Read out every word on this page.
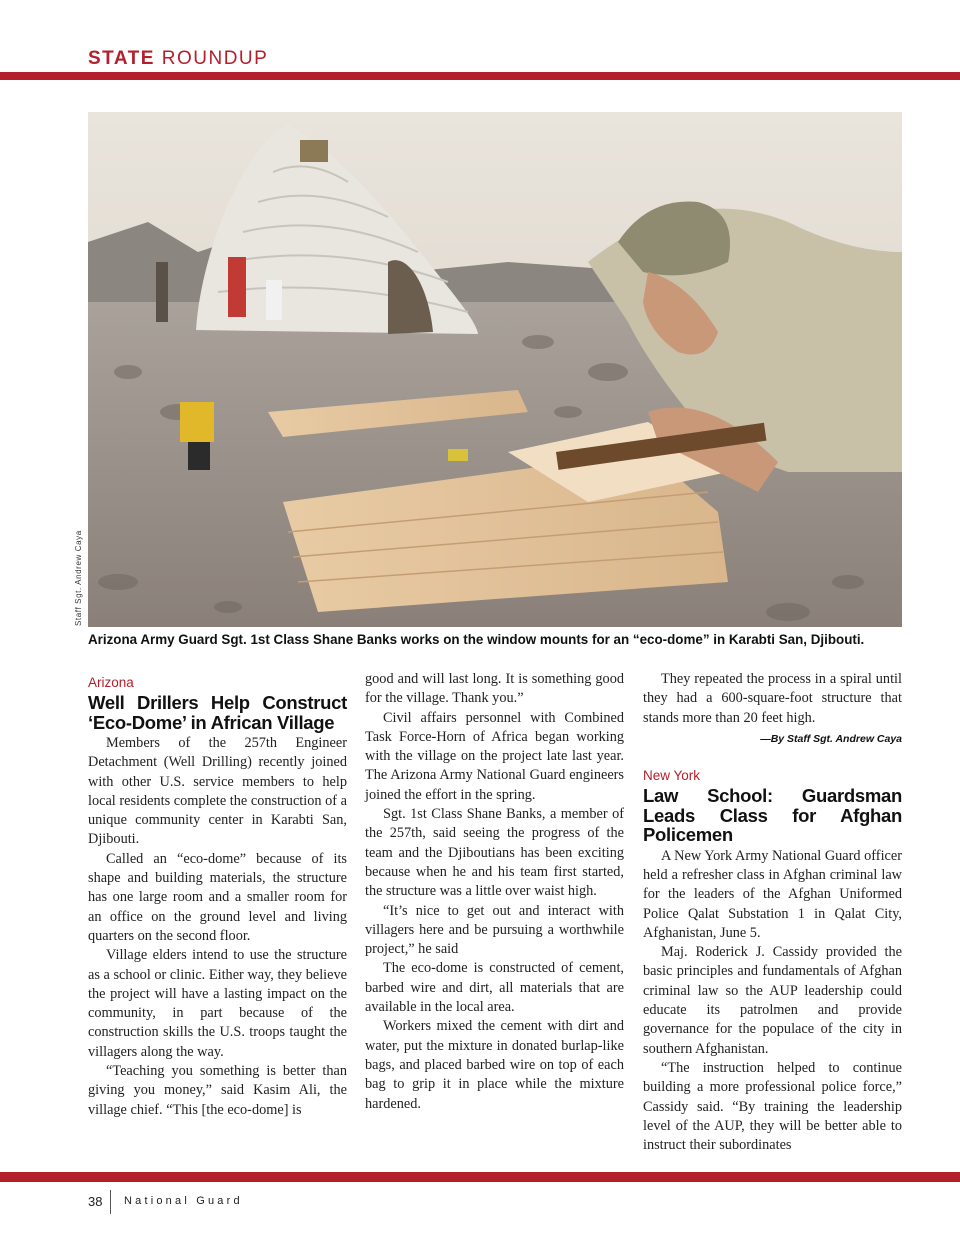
STATE ROUNDUP
Staff Sgt. Andrew Caya
Arizona Army Guard Sgt. 1st Class Shane Banks works on the window mounts for an “eco-dome” in Karabti San, Djibouti.
Arizona
Well Drillers Help Construct ‘Eco-Dome’ in African Village

Members of the 257th Engineer Detachment (Well Drilling) recently joined with other U.S. service members to help local residents complete the construction of a unique community center in Karabti San, Djibouti.

Called an “eco-dome” because of its shape and building materials, the structure has one large room and a smaller room for an office on the ground level and living quarters on the second floor.

Village elders intend to use the structure as a school or clinic. Either way, they believe the project will have a lasting impact on the community, in part because of the construction skills the U.S. troops taught the villagers along the way.

“Teaching you something is better than giving you money,” said Kasim Ali, the village chief. “This [the eco-dome] is

good and will last long. It is something good for the village. Thank you.”

Civil affairs personnel with Combined Task Force-Horn of Africa began working with the village on the project late last year. The Arizona Army National Guard engineers joined the effort in the spring.

Sgt. 1st Class Shane Banks, a member of the 257th, said seeing the progress of the team and the Djiboutians has been exciting because when he and his team first started, the structure was a little over waist high.

“It’s nice to get out and interact with villagers here and be pursuing a worthwhile project,” he said

The eco-dome is constructed of cement, barbed wire and dirt, all materials that are available in the local area.

Workers mixed the cement with dirt and water, put the mixture in donated burlap-like bags, and placed barbed wire on top of each bag to grip it in place while the mixture hardened.

They repeated the process in a spiral until they had a 600-square-foot structure that stands more than 20 feet high.

—By Staff Sgt. Andrew Caya
New York
Law School: Guardsman Leads Class for Afghan Policemen

A New York Army National Guard officer held a refresher class in Afghan criminal law for the leaders of the Afghan Uniformed Police Qalat Substation 1 in Qalat City, Afghanistan, June 5.

Maj. Roderick J. Cassidy provided the basic principles and fundamentals of Afghan criminal law so the AUP leadership could educate its patrolmen and provide governance for the populace of the city in southern Afghanistan.

“The instruction helped to continue building a more professional police force,” Cassidy said. “By training the leadership level of the AUP, they will be better able to instruct their subordinates

38 National Guard
